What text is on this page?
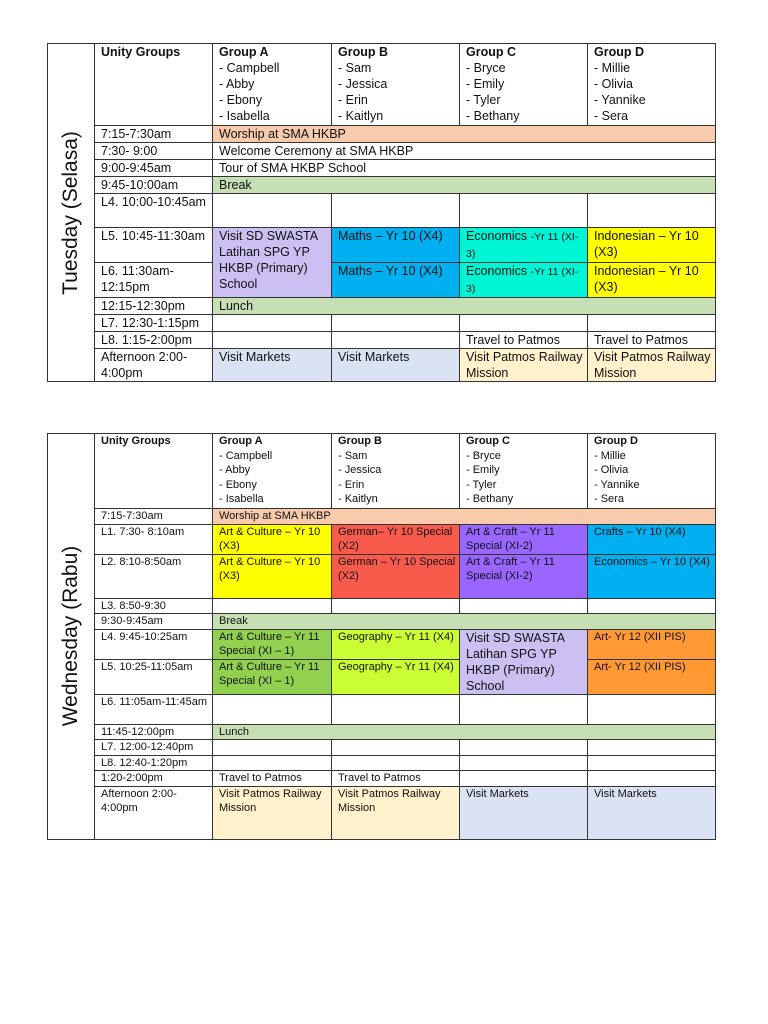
Tuesday (Selasa)	Unity Groups	Group A
- Campbell
- Abby
- Ebony
- Isabella	Group B
- Sam
- Jessica
- Erin
- Kaitlyn	Group C
- Bryce
- Emily
- Tyler
- Bethany	Group D
- Millie
- Olivia
- Yannike
- Sera
	7:15-7:30am	Worship at SMA HKBP			
	7:30- 9:00	Welcome Ceremony at SMA HKBP			
	9:00-9:45am	Tour of SMA HKBP School			
	9:45-10:00am	Break			
	L4. 10:00-10:45am				
	L5. 10:45-11:30am	Visit SD SWASTA Latihan SPG YP HKBP (Primary) School	Maths – Yr 10 (X4)	Economics -Yr 11 (XI-3)	Indonesian – Yr 10 (X3)
	L6. 11:30am-12:15pm		Maths – Yr 10 (X4)	Economics -Yr 11 (XI-3)	Indonesian – Yr 10 (X3)
	12:15-12:30pm	Lunch			
	L7. 12:30-1:15pm				
	L8. 1:15-2:00pm			Travel to Patmos	Travel to Patmos
	Afternoon 2:00-4:00pm	Visit Markets	Visit Markets	Visit Patmos Railway Mission	Visit Patmos Railway Mission
Wednesday (Rabu)	Unity Groups	Group A
- Campbell
- Abby
- Ebony
- Isabella	Group B
- Sam
- Jessica
- Erin
- Kaitlyn	Group C
- Bryce
- Emily
- Tyler
- Bethany	Group D
- Millie
- Olivia
- Yannike
- Sera
	7:15-7:30am	Worship at SMA HKBP			
	L1. 7:30- 8:10am	Art & Culture – Yr 10 (X3)	German– Yr 10 Special (X2)	Art & Craft – Yr 11 Special (XI-2)	Crafts – Yr 10 (X4)
	L2. 8:10-8:50am	Art & Culture – Yr 10 (X3)	German – Yr 10 Special (X2)	Art & Craft – Yr 11 Special (XI-2)	Economics – Yr 10 (X4)
	L3. 8:50-9:30				
	9:30-9:45am	Break			
	L4. 9:45-10:25am	Art & Culture – Yr 11 Special (XI – 1)	Geography – Yr 11 (X4)	Visit SD SWASTA Latihan SPG YP HKBP (Primary) School	Art- Yr 12 (XII PIS)
	L5. 10:25-11:05am	Art & Culture – Yr 11 Special (XI – 1)	Geography – Yr 11 (X4)		Art- Yr 12 (XII PIS)
	L6. 11:05am-11:45am				
	11:45-12:00pm	Lunch			
	L7. 12:00-12:40pm				
	L8. 12:40-1:20pm				
	1:20-2:00pm	Travel to Patmos	Travel to Patmos		
	Afternoon 2:00-4:00pm	Visit Patmos Railway Mission	Visit Patmos Railway Mission	Visit Markets	Visit Markets
